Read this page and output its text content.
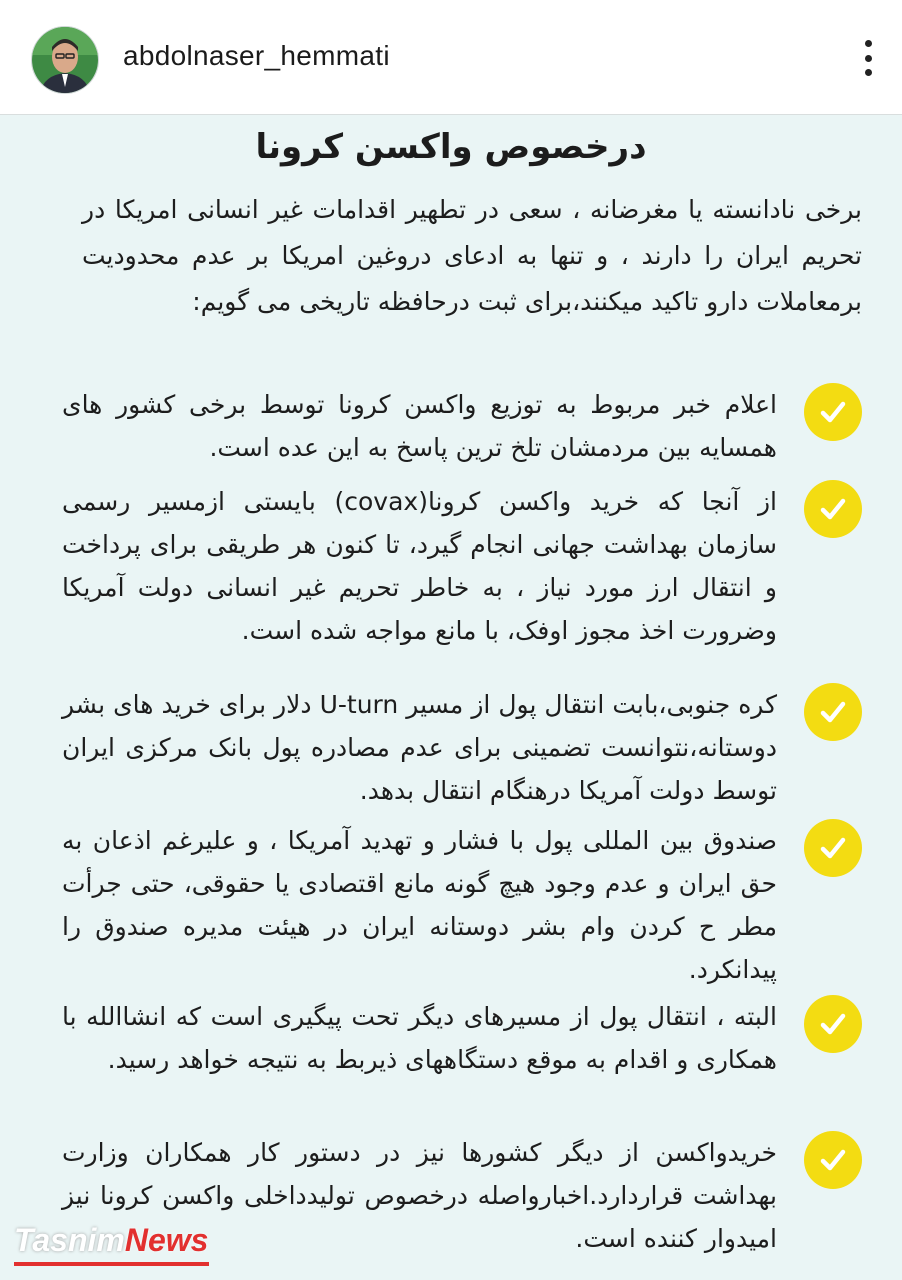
abdolnaser_hemmati
درخصوص واکسن کرونا
برخی نادانسته یا مغرضانه ، سعی در تطهیر اقدامات غیر انسانی امریکا در تحریم ایران را دارند ، و تنها به ادعای دروغین امریکا بر عدم محدودیت برمعاملات دارو تاکید میکنند،برای ثبت درحافظه تاریخی می گویم:
اعلام خبر مربوط به توزیع واکسن کرونا توسط برخی کشور های همسایه بین مردمشان تلخ ترین پاسخ به این عده است.
از آنجا که خرید واکسن کرونا(covax) بایستی ازمسیر رسمی سازمان بهداشت جهانی انجام گیرد، تا کنون هر طریقی برای پرداخت و انتقال ارز مورد نیاز ، به خاطر تحریم غیر انسانی دولت آمریکا وضرورت اخذ مجوز اوفک، با مانع مواجه شده است.
کره جنوبی،بابت انتقال پول از مسیر U-turn دلار برای خرید های بشر دوستانه،نتوانست تضمینی برای عدم مصادره پول بانک مرکزی ایران توسط دولت آمریکا درهنگام انتقال بدهد.
صندوق بین المللی پول با فشار و تهدید آمریکا ، و علیرغم اذعان به حق ایران و عدم وجود هیچ گونه مانع اقتصادی یا حقوقی، حتی جرأت مطر ح کردن وام بشر دوستانه ایران در هیئت مدیره صندوق را پیدانکرد.
البته ، انتقال پول از مسیرهای دیگر تحت پیگیری است که انشاالله با همکاری و اقدام به موقع دستگاههای ذیربط به نتیجه خواهد رسید.
خریدواکسن از دیگر کشورها نیز در دستور کار همکاران وزارت بهداشت قراردارد.اخبارواصله درخصوص تولیدداخلی واکسن کرونا نیز امیدوار کننده است.
TasnimNews
